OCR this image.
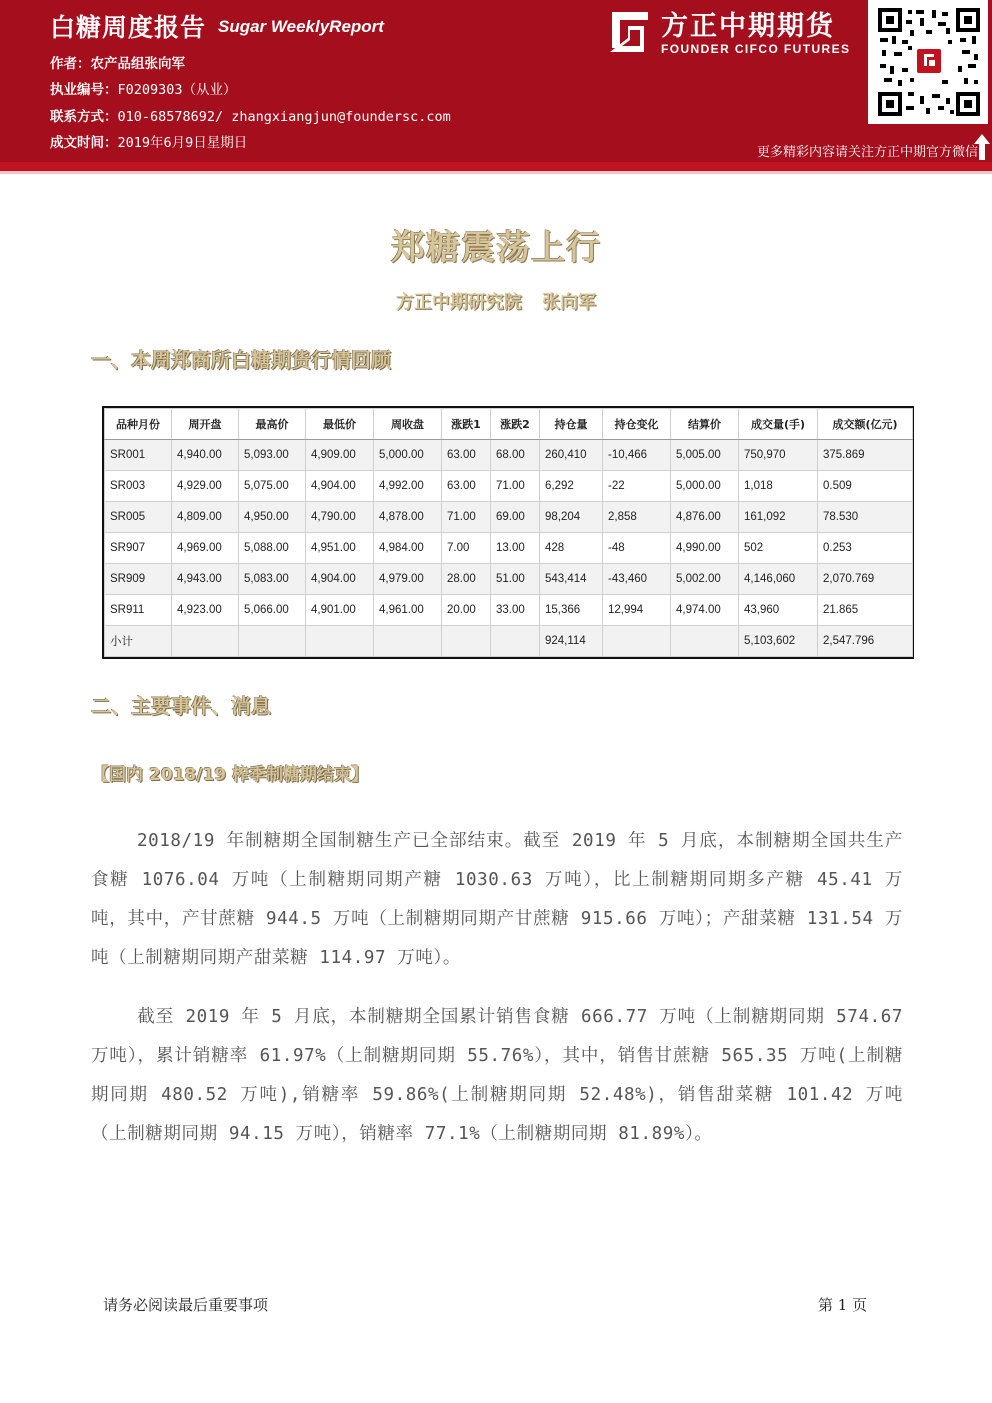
白糖周度报告 Sugar WeeklyReport
作者：农产品组张向军
执业编号：F0209303（从业）
联系方式：010-68578692/ zhangxiangjun@foundersc.com
成文时间：2019年6月9日星期日
方正中期期货
FOUNDER CIFCO FUTURES
更多精彩内容请关注方正中期官方微信
郑糖震荡上行
方正中期研究院 张向军
一、本周郑商所白糖期货行情回顾
品种月份	周开盘	最高价	最低价	周收盘	涨跌1	涨跌2	持仓量	持仓变化	结算价	成交量(手)	成交额(亿元)
SR001	4,940.00	5,093.00	4,909.00	5,000.00	63.00	68.00	260,410	-10,466	5,005.00	750,970	375.869
SR003	4,929.00	5,075.00	4,904.00	4,992.00	63.00	71.00	6,292	-22	5,000.00	1,018	0.509
SR005	4,809.00	4,950.00	4,790.00	4,878.00	71.00	69.00	98,204	2,858	4,876.00	161,092	78.530
SR907	4,969.00	5,088.00	4,951.00	4,984.00	7.00	13.00	428	-48	4,990.00	502	0.253
SR909	4,943.00	5,083.00	4,904.00	4,979.00	28.00	51.00	543,414	-43,460	5,002.00	4,146,060	2,070.769
SR911	4,923.00	5,066.00	4,901.00	4,961.00	20.00	33.00	15,366	12,994	4,974.00	43,960	21.865
小计							924,114			5,103,602	2,547.796
二、主要事件、消息
【国内 2018/19 榨季制糖期结束】
2018/19 年制糖期全国制糖生产已全部结束。截至 2019 年 5 月底，本制糖期全国共生产食糖 1076.04 万吨（上制糖期同期产糖 1030.63 万吨），比上制糖期同期多产糖 45.41 万吨，其中，产甘蔗糖 944.5 万吨（上制糖期同期产甘蔗糖 915.66 万吨）；产甜菜糖 131.54 万吨（上制糖期同期产甜菜糖 114.97 万吨）。
截至 2019 年 5 月底，本制糖期全国累计销售食糖 666.77 万吨（上制糖期同期 574.67 万吨），累计销糖率 61.97%（上制糖期同期 55.76%），其中，销售甘蔗糖 565.35 万吨(上制糖期同期 480.52 万吨),销糖率 59.86%(上制糖期同期 52.48%)，销售甜菜糖 101.42 万吨（上制糖期同期 94.15 万吨），销糖率 77.1%（上制糖期同期 81.89%）。
请务必阅读最后重要事项	第 1 页
